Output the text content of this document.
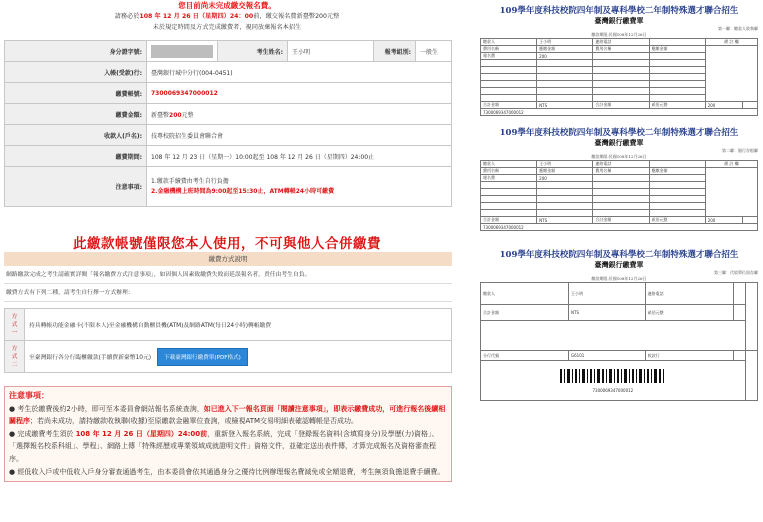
您目前尚未完成繳交報名費。
請務必於108 年 12 月 26 日（星期四）24：00前，繳交報名費新臺幣200元整
未於規定時間及方式完成繳費者，視同放棄報名本招生
身分證字號:		考生姓名:	王小明	報考組別:	一般生
入帳(受款)行:	臺灣銀行城中分行(004-0451)				
繳費帳號:	7300069347000012				
繳費金額:	新臺幣200元整				
收款人(戶名):	技專校院招生委員會聯合會				
繳費期間:	108 年 12 月 23 日（星期一）10:00起至 108 年 12 月 26 日（星期四）24:00止				
注意事項:	1.繳款手續費由考生自行負擔
2.金融機構上班時間為9:00起至15:30止，ATM轉帳24小時可繳費				
此繳款帳號僅限您本人使用，不可與他人合併繳費
繳費方式說明
網路繳款完成之考生請確實詳閱「報名繳費方式注意事項」，如因個人因素致繳費失敗而延誤報名者，責任由考生自負。
繳費方式有下列二種，請考生自行擇一方式辦理：
方式一	持具轉帳功能金融卡(不限本人)至金融機構自動櫃員機(ATM)及網路ATM(每日24小時)轉帳繳費
方式二	至臺灣銀行各分行臨櫃繳款(手續費新臺幣10元) 下載臺灣銀行繳費單(PDF格式)
注意事項：
● 考生於繳費後約2小時，即可至本委員會網站報名系統查詢，如已進入下一報名頁面「閱讀注意事項」，即表示繳費成功，可進行報名後續相關程序；若尚未成功，請持繳款收執聯(收據)至原繳款金融單位查詢，或檢視ATM交易明細表確認轉帳是否成功。
● 完成繳費考生須於 108 年 12 月 26 日（星期四）24:00前，重新登入報名系統，完成「登錄報名資料(含填寫身分)及學歷(力)資格」、「選擇報名校系科組」、學程」、網路上傳「特殊經歷或專業領域成就證明文件」資格文件，並確定送出表件傳，才算完成報名及資格審查程序。
● 經低收入戶或中低收入戶身分審查通過考生，由本委員會依其通過身分之優待比例辦理報名費減免或全額退費，考生無須負擔退費手續費。
109學年度科技校院四年制及專科學校二年制特殊選才聯合招生
臺灣銀行繳費單
第一聯：繳款人收執聯
繳款期限:民國108年12月26日
繳款人	王小明	連絡電話		備 註 欄	
費用名稱	應繳金額	費用名稱	應繳金額		
報名費	200				

合計金額	NTS	合計金額	貳佰元整	200	
7300069347000012					
109學年度科技校院四年制及專科學校二年制特殊選才聯合招生
臺灣銀行繳費單
第二聯：銀行存根聯
繳款期限:民國108年12月26日
繳款人	王小明	連絡電話		備 註 欄	
費用名稱	應繳金額	費用名稱	應繳金額		
報名費	200				

合計金額	NTS	合計金額	貳佰元整	200	
7300069347000012					
109學年度科技校院四年制及專科學校二年制特殊選才聯合招生
臺灣銀行繳費單
第三聯：代收單位留存聯
繳款期限:民國108年12月26日
繳款人	王小明	連絡電話		
合計金額	NTS	貳佰元整		

分行代號	G6101	收款行		

7300069347000012				
